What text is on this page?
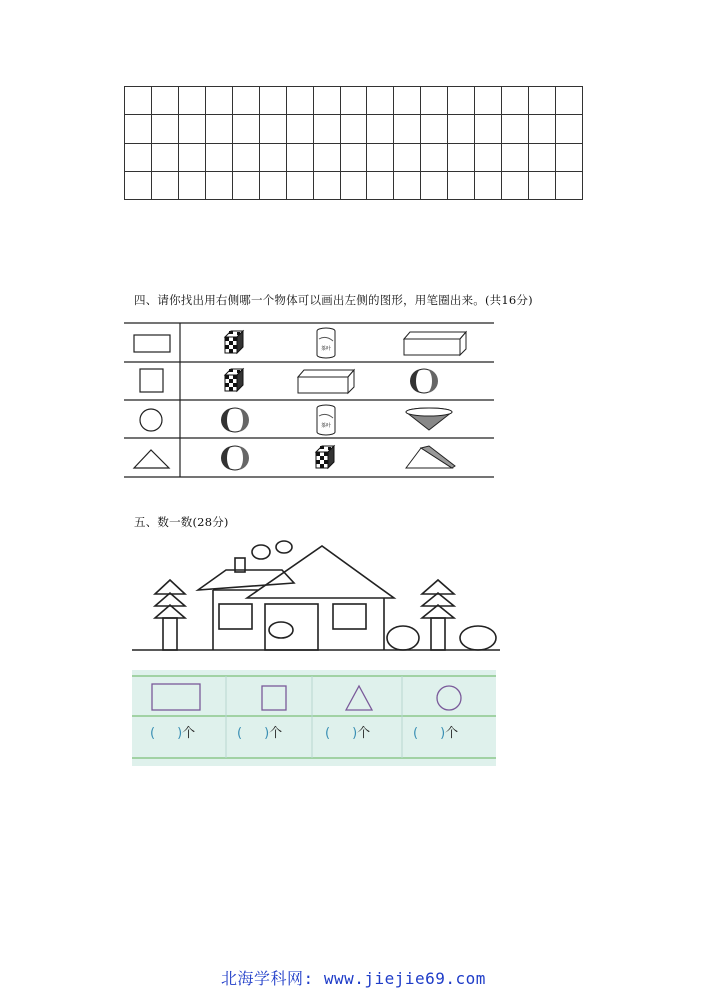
四、请你找出用右侧哪一个物体可以画出左侧的图形，用笔圈出来。(共16分)
茶叶
茶叶
五、数一数(28分)
( )个	( )个	( )个	( )个
北海学科网: www.jiejie69.com
